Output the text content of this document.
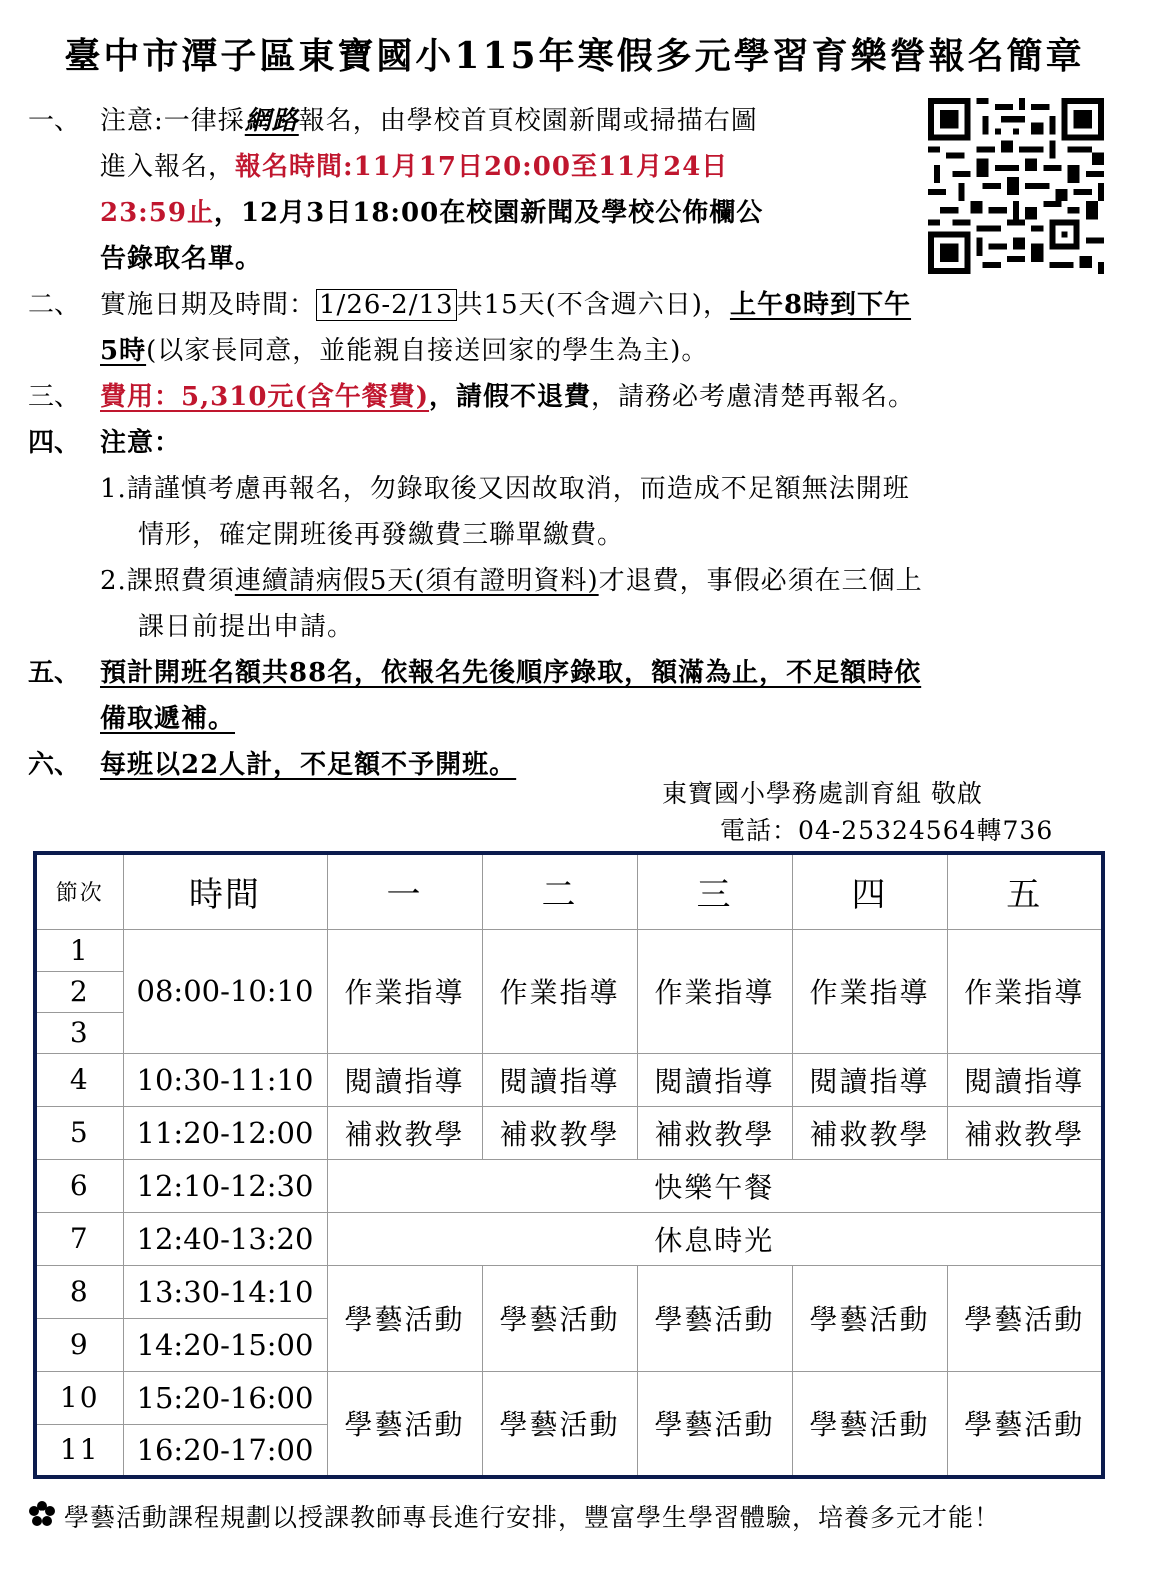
臺中市潭子區東寶國小115年寒假多元學習育樂營報名簡章
一、 注意:一律採網路報名，由學校首頁校園新聞或掃描右圖
進入報名，報名時間:11月17日20:00至11月24日
23:59止，12月3日18:00在校園新聞及學校公佈欄公
告錄取名單。
二、 實施日期及時間： 1/26-2/13 共15天(不含週六日)，上午8時到下午
5時(以家長同意，並能親自接送回家的學生為主)。
三、 費用：5,310元(含午餐費)，請假不退費，請務必考慮清楚再報名。
四、 注意：
1.請謹慎考慮再報名，勿錄取後又因故取消，而造成不足額無法開班
情形，確定開班後再發繳費三聯單繳費。
2.課照費須連續請病假5天(須有證明資料)才退費，事假必須在三個上
課日前提出申請。
五、 預計開班名額共88名，依報名先後順序錄取，額滿為止，不足額時依
備取遞補。
六、 每班以22人計，不足額不予開班。
東寶國小學務處訓育組 敬啟
電話：04-25324564轉736
節次	時間	一	二	三	四	五
1	08:00-10:10	作業指導	作業指導	作業指導	作業指導	作業指導
2						
3						
4	10:30-11:10	閱讀指導	閱讀指導	閱讀指導	閱讀指導	閱讀指導
5	11:20-12:00	補救教學	補救教學	補救教學	補救教學	補救教學
6	12:10-12:30	快樂午餐				
7	12:40-13:20	休息時光				
8	13:30-14:10	學藝活動	學藝活動	學藝活動	學藝活動	學藝活動
9	14:20-15:00					
10	15:20-16:00	學藝活動	學藝活動	學藝活動	學藝活動	學藝活動
11	16:20-17:00					
學藝活動課程規劃以授課教師專長進行安排，豐富學生學習體驗，培養多元才能！
